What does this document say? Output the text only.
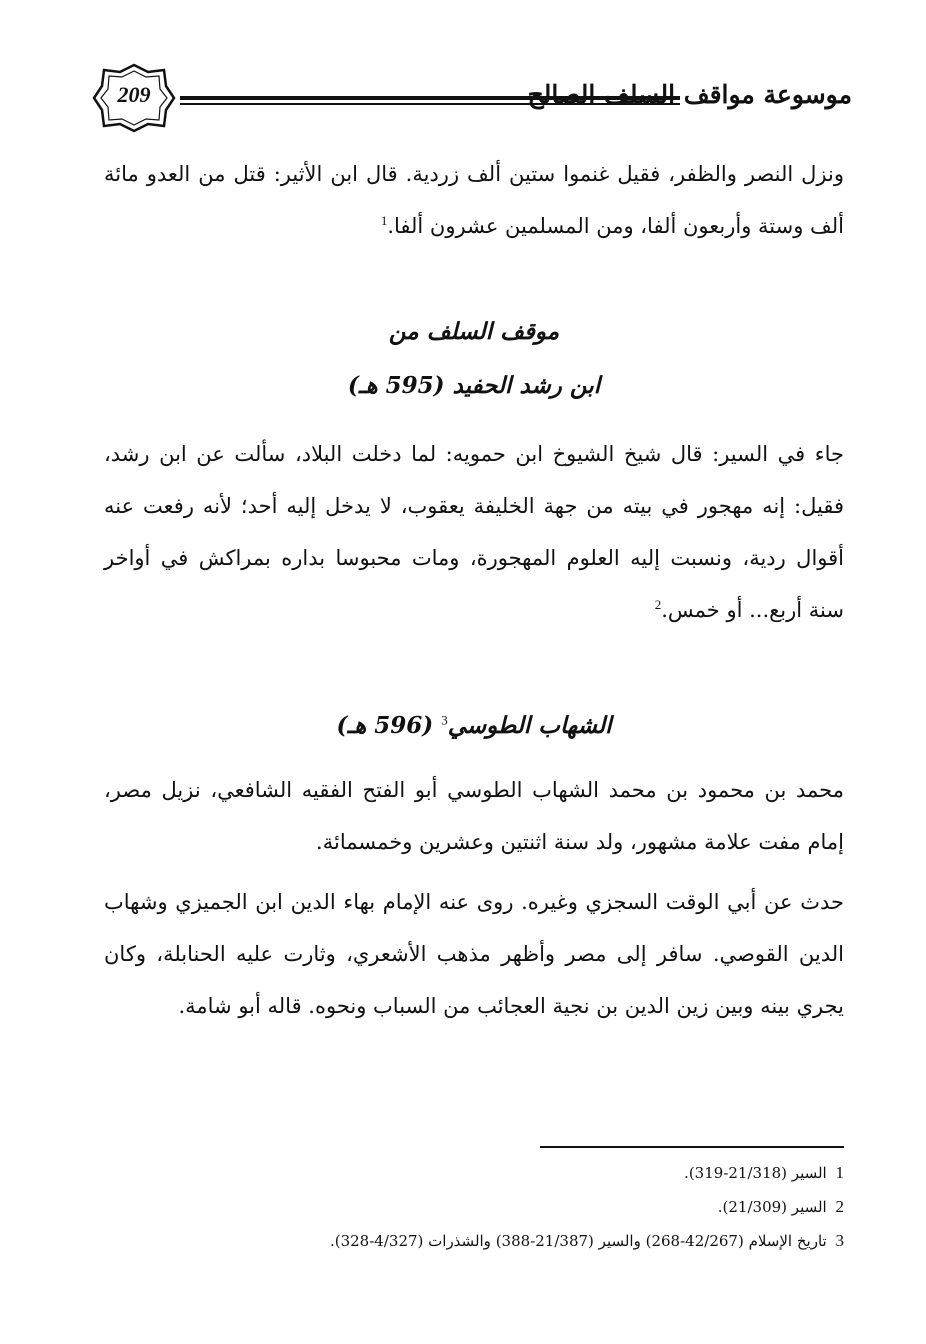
209	موسوعة مواقف السلف الصالح
ونزل النصر والظفر، فقيل غنموا ستين ألف زردية. قال ابن الأثير: قتل من العدو مائة ألف وستة وأربعون ألفا، ومن المسلمين عشرون ألفا.$^1$
موقف السلف من
ابن رشد الحفيد (595 هـ)
جاء في السير: قال شيخ الشيوخ ابن حمويه: لما دخلت البلاد، سألت عن ابن رشد، فقيل: إنه مهجور في بيته من جهة الخليفة يعقوب، لا يدخل إليه أحد؛ لأنه رفعت عنه أقوال ردية، ونسبت إليه العلوم المهجورة، ومات محبوسا بداره بمراكش في أواخر سنة أربع... أو خمس.$^2$
الشهاب الطوسي$^3$ (596 هـ)
محمد بن محمود بن محمد الشهاب الطوسي أبو الفتح الفقيه الشافعي، نزيل مصر، إمام مفت علامة مشهور، ولد سنة اثنتين وعشرين وخمسمائة.
حدث عن أبي الوقت السجزي وغيره. روى عنه الإمام بهاء الدين ابن الجميزي وشهاب الدين القوصي. سافر إلى مصر وأظهر مذهب الأشعري، وثارت عليه الحنابلة، وكان يجري بينه وبين زين الدين بن نجية العجائب من السباب ونحوه. قاله أبو شامة.
1 السير (21/318-319).
2 السير (21/309).
3 تاريخ الإسلام (42/267-268) والسير (21/387-388) والشذرات (4/327-328).
